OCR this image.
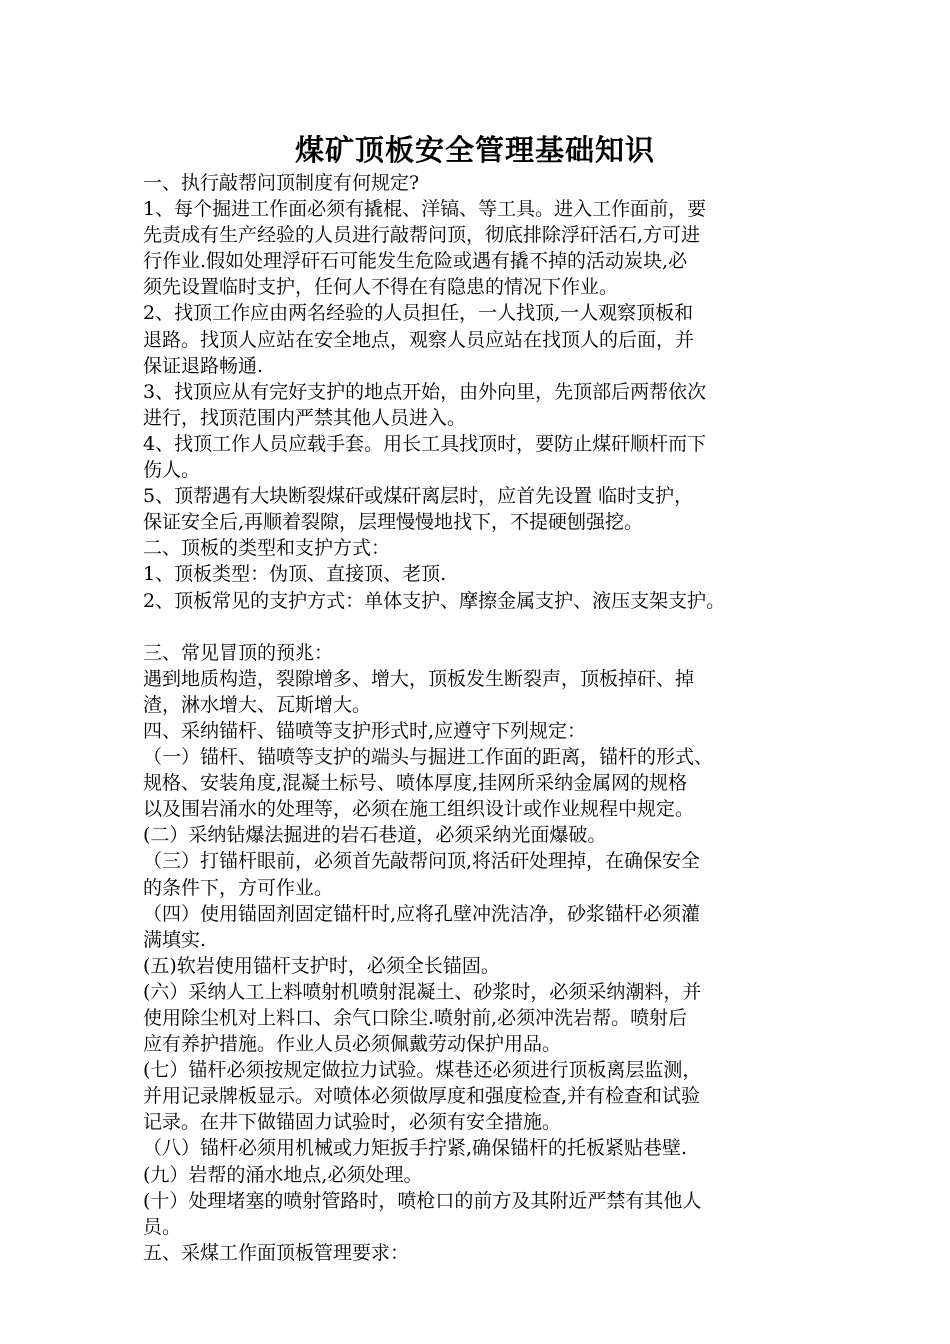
煤矿顶板安全管理基础知识
一、执行敲帮问顶制度有何规定?
1、每个掘进工作面必须有撬棍、洋镐、等工具。进入工作面前，要
先责成有生产经验的人员进行敲帮问顶，彻底排除浮矸活石,方可进
行作业.假如处理浮矸石可能发生危险或遇有撬不掉的活动炭块,必
须先设置临时支护，任何人不得在有隐患的情况下作业。
2、找顶工作应由两名经验的人员担任，一人找顶,一人观察顶板和
退路。找顶人应站在安全地点，观察人员应站在找顶人的后面，并
保证退路畅通.
3、找顶应从有完好支护的地点开始，由外向里，先顶部后两帮依次
进行，找顶范围内严禁其他人员进入。
4、找顶工作人员应载手套。用长工具找顶时，要防止煤矸顺杆而下
伤人。
5、顶帮遇有大块断裂煤矸或煤矸离层时，应首先设置 临时支护，
保证安全后,再顺着裂隙，层理慢慢地找下，不提硬刨强挖。
二、顶板的类型和支护方式：
1、顶板类型：伪顶、直接顶、老顶.
2、顶板常见的支护方式：单体支护、摩擦金属支护、液压支架支护。
三、常见冒顶的预兆：
遇到地质构造，裂隙增多、增大，顶板发生断裂声，顶板掉矸、掉
渣，淋水增大、瓦斯增大。
四、采纳锚杆、锚喷等支护形式时,应遵守下列规定：
（一）锚杆、锚喷等支护的端头与掘进工作面的距离，锚杆的形式、
规格、安装角度,混凝土标号、喷体厚度,挂网所采纳金属网的规格
以及围岩涌水的处理等，必须在施工组织设计或作业规程中规定。
(二）采纳钻爆法掘进的岩石巷道，必须采纳光面爆破。
（三）打锚杆眼前，必须首先敲帮问顶,将活矸处理掉，在确保安全
的条件下，方可作业。
（四）使用锚固剂固定锚杆时,应将孔壁冲洗洁净，砂浆锚杆必须灌
满填实.
(五)软岩使用锚杆支护时，必须全长锚固。
(六）采纳人工上料喷射机喷射混凝土、砂浆时，必须采纳潮料，并
使用除尘机对上料口、余气口除尘.喷射前,必须冲洗岩帮。喷射后
应有养护措施。作业人员必须佩戴劳动保护用品。
(七）锚杆必须按规定做拉力试验。煤巷还必须进行顶板离层监测，
并用记录牌板显示。对喷体必须做厚度和强度检查,并有检查和试验
记录。在井下做锚固力试验时，必须有安全措施。
（八）锚杆必须用机械或力矩扳手拧紧,确保锚杆的托板紧贴巷壁.
(九）岩帮的涌水地点,必须处理。
(十）处理堵塞的喷射管路时，喷枪口的前方及其附近严禁有其他人
员。
五、采煤工作面顶板管理要求：
